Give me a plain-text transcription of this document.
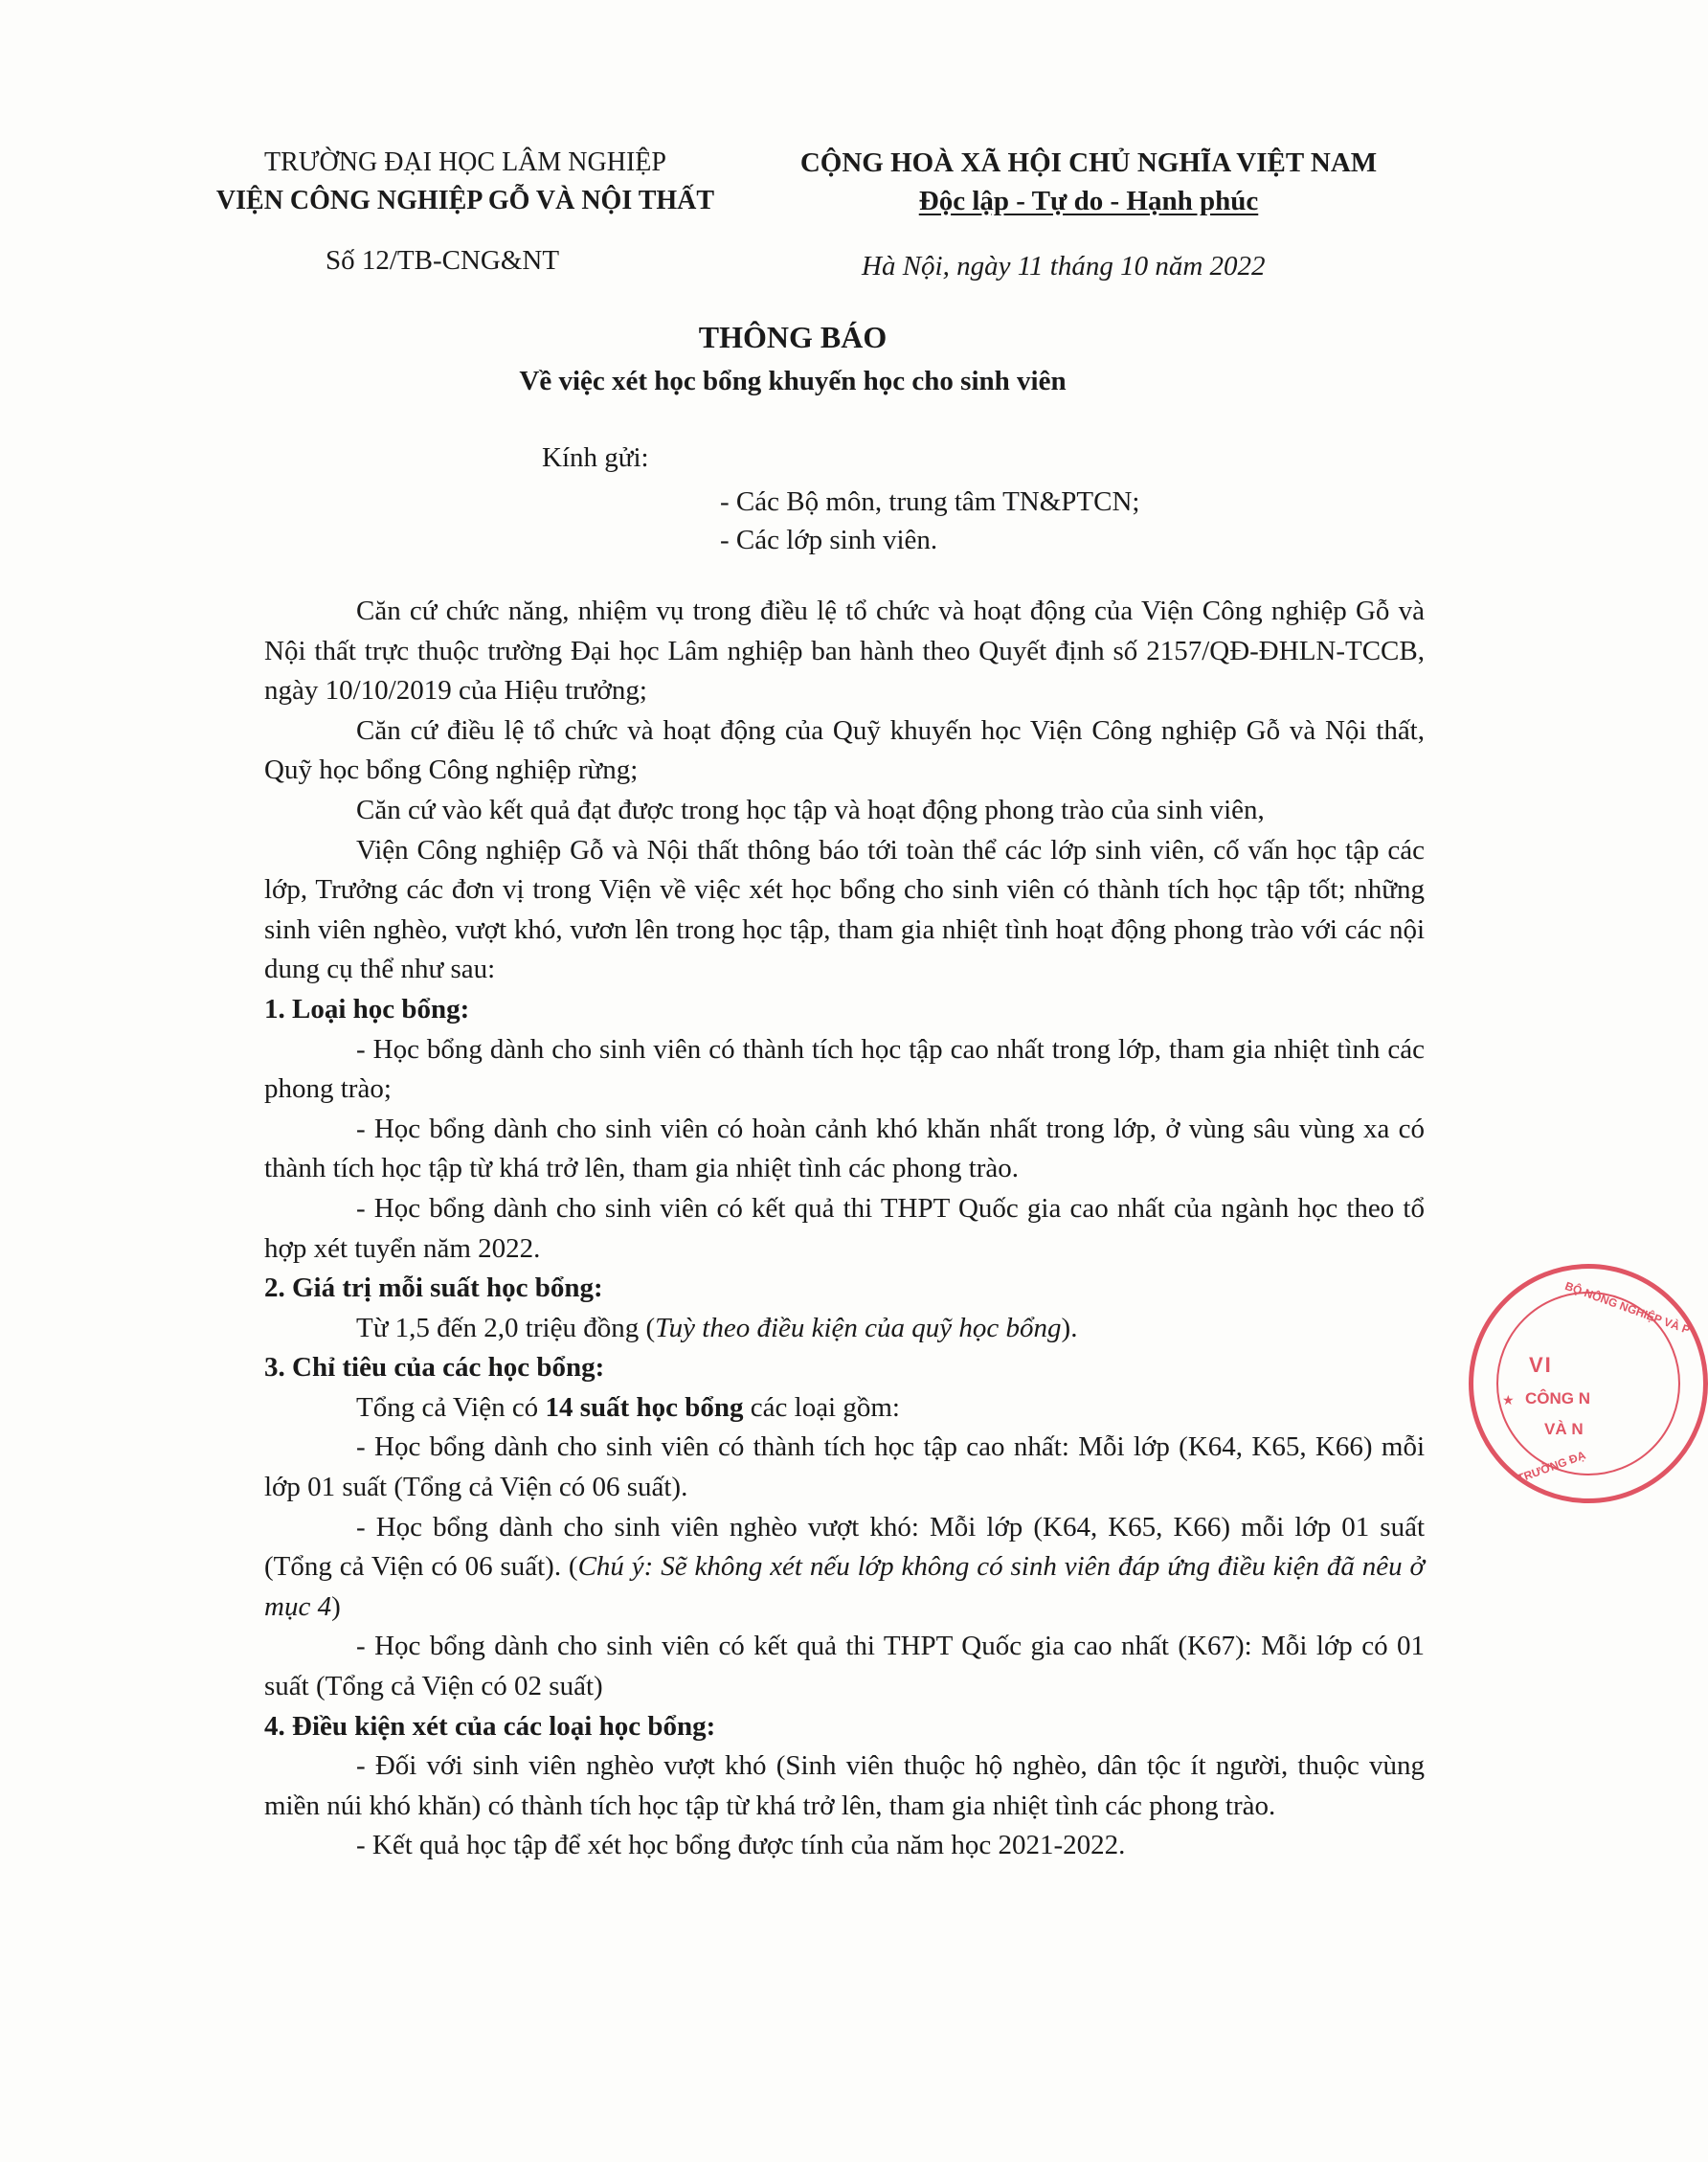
TRƯỜNG ĐẠI HỌC LÂM NGHIỆP
VIỆN CÔNG NGHIỆP GỖ VÀ NỘI THẤT
CỘNG HOÀ XÃ HỘI CHỦ NGHĨA VIỆT NAM
Độc lập - Tự do - Hạnh phúc
Số 12/TB-CNG&NT	Hà Nội, ngày 11 tháng 10 năm 2022
THÔNG BÁO
Về việc xét học bổng khuyến học cho sinh viên
Kính gửi:
- Các Bộ môn, trung tâm TN&PTCN;
- Các lớp sinh viên.

Căn cứ chức năng, nhiệm vụ trong điều lệ tổ chức và hoạt động của Viện Công nghiệp Gỗ và Nội thất trực thuộc trường Đại học Lâm nghiệp ban hành theo Quyết định số 2157/QĐ-ĐHLN-TCCB, ngày 10/10/2019 của Hiệu trưởng;

Căn cứ điều lệ tổ chức và hoạt động của Quỹ khuyến học Viện Công nghiệp Gỗ và Nội thất, Quỹ học bổng Công nghiệp rừng;

Căn cứ vào kết quả đạt được trong học tập và hoạt động phong trào của sinh viên,

Viện Công nghiệp Gỗ và Nội thất thông báo tới toàn thể các lớp sinh viên, cố vấn học tập các lớp, Trưởng các đơn vị trong Viện về việc xét học bổng cho sinh viên có thành tích học tập tốt; những sinh viên nghèo, vượt khó, vươn lên trong học tập, tham gia nhiệt tình hoạt động phong trào với các nội dung cụ thể như sau:

1. Loại học bổng:

- Học bổng dành cho sinh viên có thành tích học tập cao nhất trong lớp, tham gia nhiệt tình các phong trào;

- Học bổng dành cho sinh viên có hoàn cảnh khó khăn nhất trong lớp, ở vùng sâu vùng xa có thành tích học tập từ khá trở lên, tham gia nhiệt tình các phong trào.

- Học bổng dành cho sinh viên có kết quả thi THPT Quốc gia cao nhất của ngành học theo tổ hợp xét tuyển năm 2022.

2. Giá trị mỗi suất học bổng:

Từ 1,5 đến 2,0 triệu đồng (Tuỳ theo điều kiện của quỹ học bổng).

3. Chỉ tiêu của các học bổng:

Tổng cả Viện có 14 suất học bổng các loại gồm:

- Học bổng dành cho sinh viên có thành tích học tập cao nhất: Mỗi lớp (K64, K65, K66) mỗi lớp 01 suất (Tổng cả Viện có 06 suất).

- Học bổng dành cho sinh viên nghèo vượt khó: Mỗi lớp (K64, K65, K66) mỗi lớp 01 suất (Tổng cả Viện có 06 suất). (Chú ý: Sẽ không xét nếu lớp không có sinh viên đáp ứng điều kiện đã nêu ở mục 4)

- Học bổng dành cho sinh viên có kết quả thi THPT Quốc gia cao nhất (K67): Mỗi lớp có 01 suất (Tổng cả Viện có 02 suất)

4. Điều kiện xét của các loại học bổng:

- Đối với sinh viên nghèo vượt khó (Sinh viên thuộc hộ nghèo, dân tộc ít người, thuộc vùng miền núi khó khăn) có thành tích học tập từ khá trở lên, tham gia nhiệt tình các phong trào.

- Kết quả học tập để xét học bổng được tính của năm học 2021-2022.

BỘ NÔNG NGHIỆP VÀ P
VI
CÔNG N
VÀ N
TRƯỜNG ĐẠ
★
